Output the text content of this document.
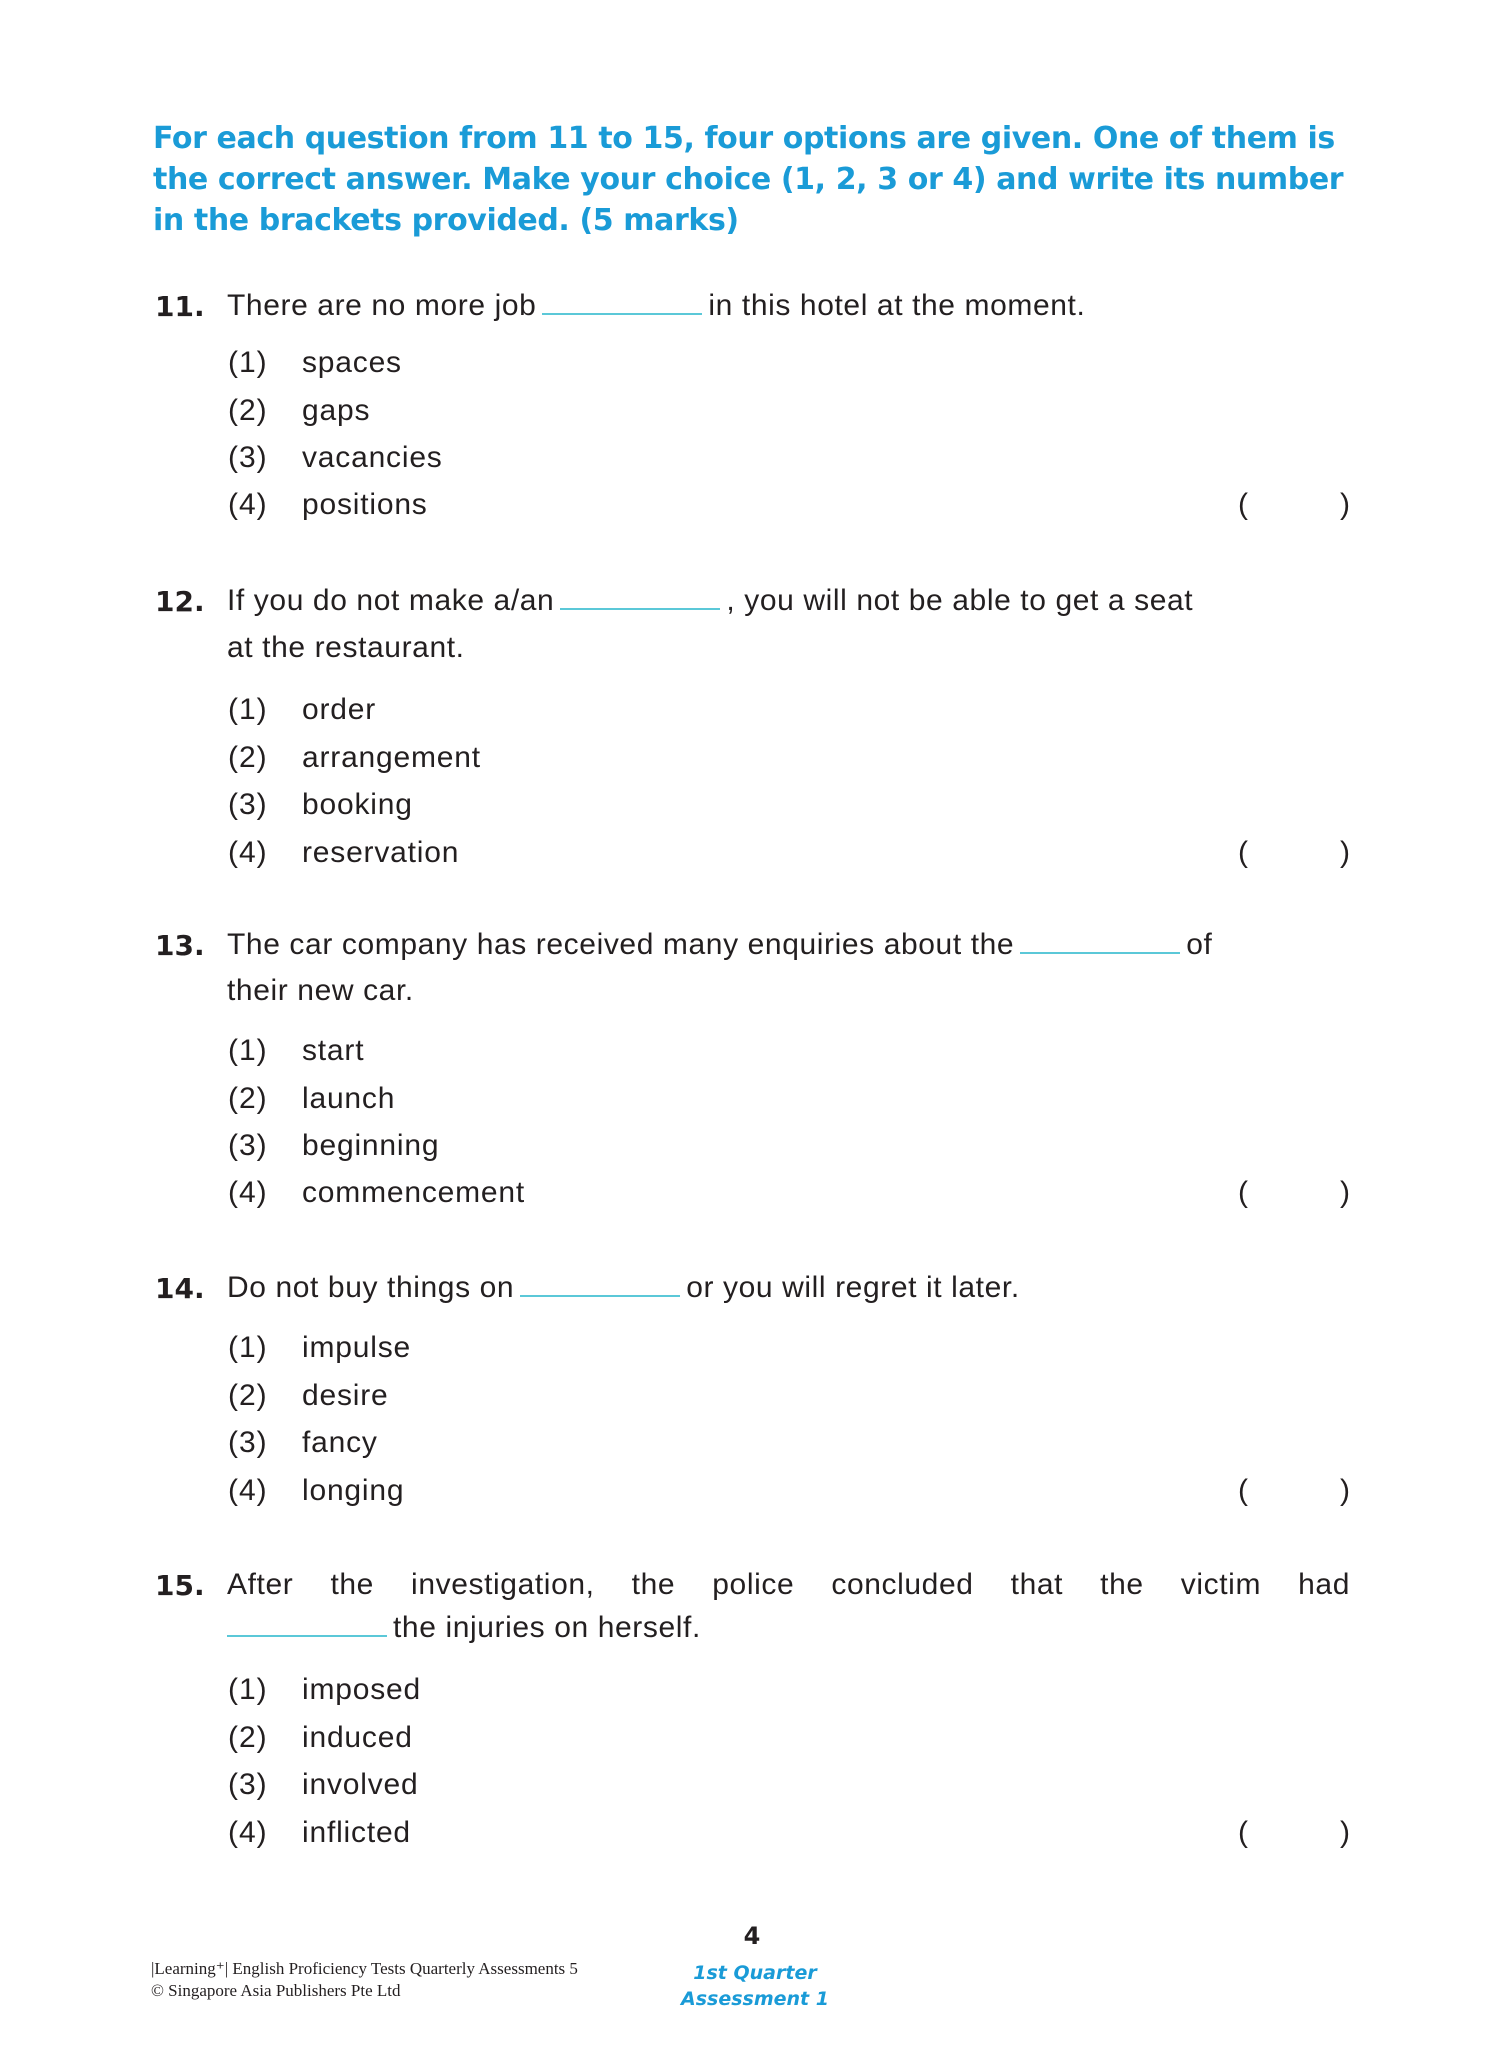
For each question from 11 to 15, four options are given. One of them is the correct answer. Make your choice (1, 2, 3 or 4) and write its number in the brackets provided. (5 marks)
11. There are no more job	in this hotel at the moment.
(1) spaces
(2) gaps
(3) vacancies
(4) positions	(	)
12. If you do not make a/an	, you will not be able to get a seat
at the restaurant.
(1) order
(2) arrangement
(3) booking
(4) reservation	(	)
13. The car company has received many enquiries about the	of
their new car.
(1) start
(2) launch
(3) beginning
(4) commencement	(	)
14. Do not buy things on	or you will regret it later.
(1) impulse
(2) desire
(3) fancy
(4) longing	(	)
15. After the investigation, the police concluded that the victim had
the injuries on herself.
(1) imposed
(2) induced
(3) involved
(4) inflicted	(	)
|Learning⁺| English Proficiency Tests Quarterly Assessments 5
© Singapore Asia Publishers Pte Ltd
4
1st Quarter
Assessment 1
